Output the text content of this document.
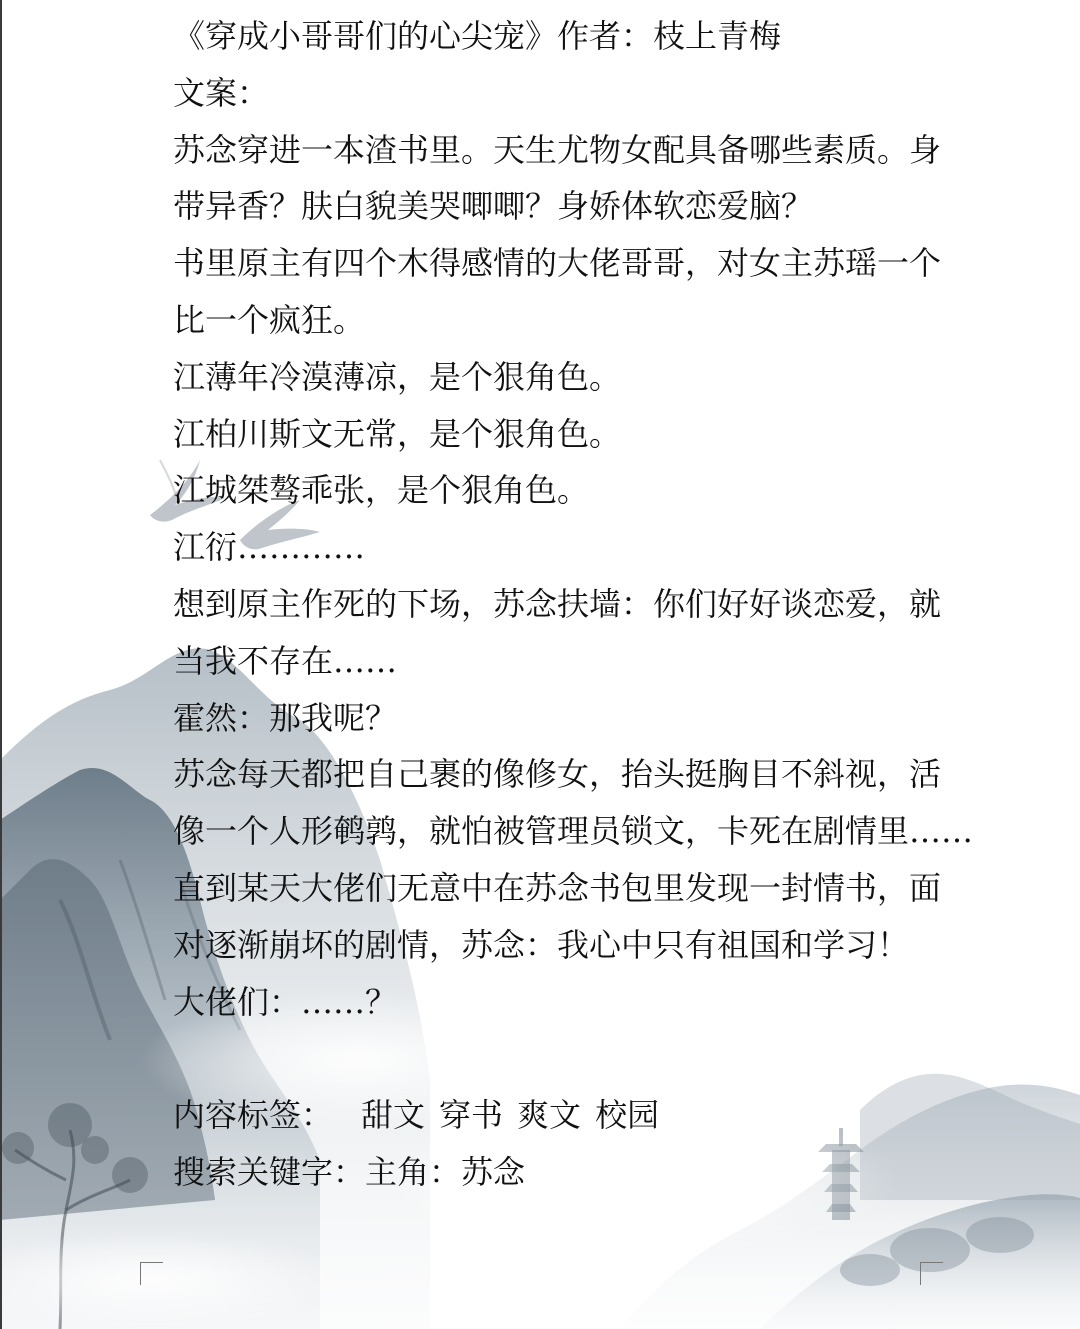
《穿成小哥哥们的心尖宠》作者：枝上青梅
文案：
苏念穿进一本渣书里。天生尤物女配具备哪些素质。身
带异香？肤白貌美哭唧唧？身娇体软恋爱脑？
书里原主有四个木得感情的大佬哥哥，对女主苏瑶一个
比一个疯狂。
江薄年冷漠薄凉，是个狠角色。
江柏川斯文无常，是个狠角色。
江城桀骜乖张，是个狠角色。
江衍…………
想到原主作死的下场，苏念扶墙：你们好好谈恋爱，就
当我不存在……
霍然：那我呢？
苏念每天都把自己裹的像修女，抬头挺胸目不斜视，活
像一个人形鹌鹑，就怕被管理员锁文，卡死在剧情里……
直到某天大佬们无意中在苏念书包里发现一封情书，面
对逐渐崩坏的剧情，苏念：我心中只有祖国和学习！
大佬们：……？
内容标签： 甜文 穿书 爽文 校园
搜索关键字：主角：苏念
